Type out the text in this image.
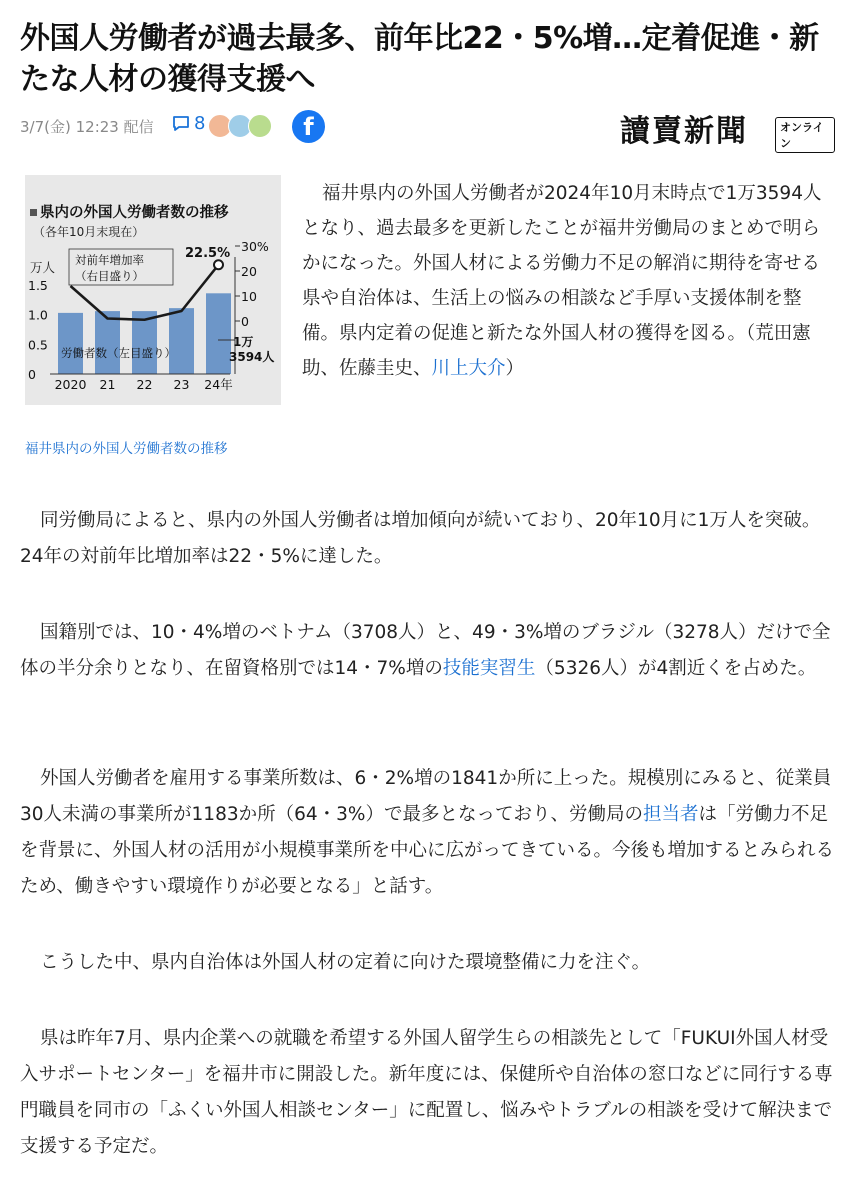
外国人労働者が過去最多、前年比22・5%増…定着促進・新たな人材の獲得支援へ
3/7(金) 12:23 配信 8	f	讀賣新聞	オンライン
県内の外国人労働者数の推移
（各年10月末現在）
万人
1.5
1.0
0.5
0
30%
20
10
0
2020 21 22 23 24年
対前年増加率
（右目盛り）
労働者数（左目盛り）
22.5%
1万
3594人
福井県内の外国人労働者数の推移

福井県内の外国人労働者が2024年10月末時点で1万3594人となり、過去最多を更新したことが福井労働局のまとめで明らかになった。外国人材による労働力不足の解消に期待を寄せる県や自治体は、生活上の悩みの相談など手厚い支援体制を整備。県内定着の促進と新たな外国人材の獲得を図る。（荒田憲助、佐藤圭史、川上大介）

同労働局によると、県内の外国人労働者は増加傾向が続いており、20年10月に1万人を突破。24年の対前年比増加率は22・5%に達した。

国籍別では、10・4%増のベトナム（3708人）と、49・3%増のブラジル（3278人）だけで全体の半分余りとなり、在留資格別では14・7%増の技能実習生（5326人）が4割近くを占めた。

外国人労働者を雇用する事業所数は、6・2%増の1841か所に上った。規模別にみると、従業員30人未満の事業所が1183か所（64・3%）で最多となっており、労働局の担当者は「労働力不足を背景に、外国人材の活用が小規模事業所を中心に広がってきている。今後も増加するとみられるため、働きやすい環境作りが必要となる」と話す。

こうした中、県内自治体は外国人材の定着に向けた環境整備に力を注ぐ。

県は昨年7月、県内企業への就職を希望する外国人留学生らの相談先として「FUKUI外国人材受入サポートセンター」を福井市に開設した。新年度には、保健所や自治体の窓口などに同行する専門職員を同市の「ふくい外国人相談センター」に配置し、悩みやトラブルの相談を受けて解決まで支援する予定だ。
